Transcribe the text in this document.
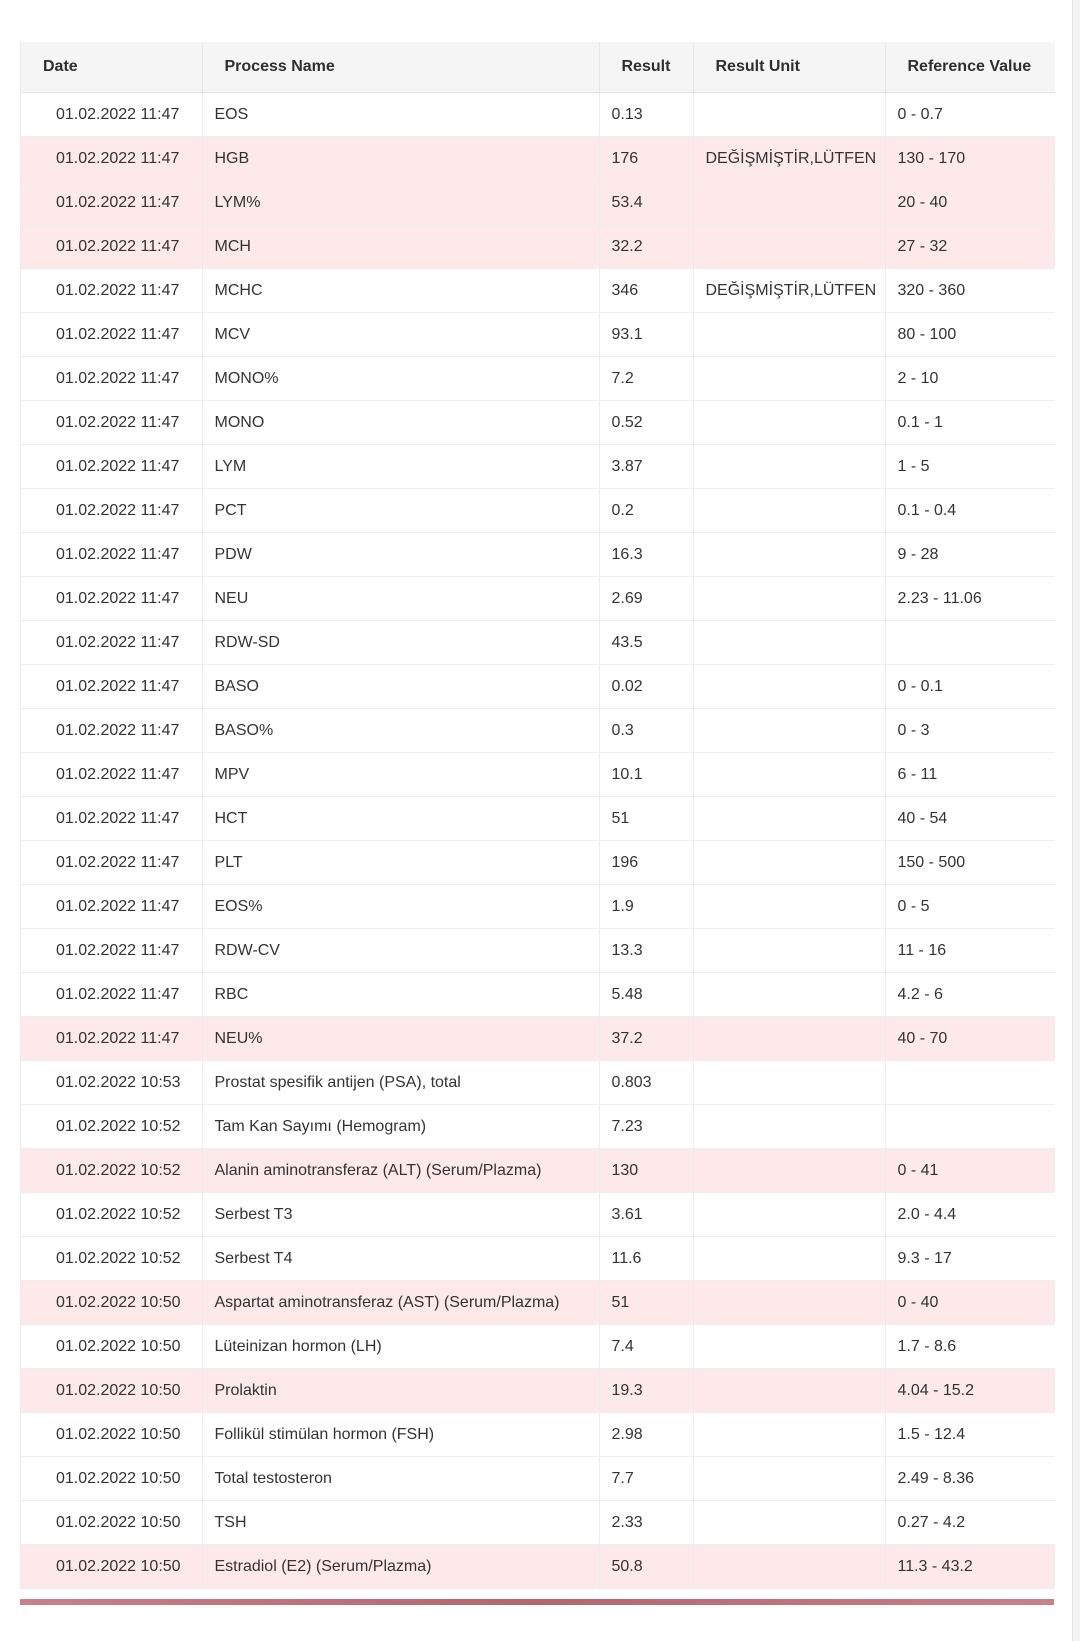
Date	Process Name	Result	Result Unit	Reference Value
01.02.2022 11:47	EOS	0.13		0 - 0.7
01.02.2022 11:47	HGB	176	DEĞİŞMİŞTİR,LÜTFEN	130 - 170
01.02.2022 11:47	LYM%	53.4		20 - 40
01.02.2022 11:47	MCH	32.2		27 - 32
01.02.2022 11:47	MCHC	346	DEĞİŞMİŞTİR,LÜTFEN	320 - 360
01.02.2022 11:47	MCV	93.1		80 - 100
01.02.2022 11:47	MONO%	7.2		2 - 10
01.02.2022 11:47	MONO	0.52		0.1 - 1
01.02.2022 11:47	LYM	3.87		1 - 5
01.02.2022 11:47	PCT	0.2		0.1 - 0.4
01.02.2022 11:47	PDW	16.3		9 - 28
01.02.2022 11:47	NEU	2.69		2.23 - 11.06
01.02.2022 11:47	RDW-SD	43.5		
01.02.2022 11:47	BASO	0.02		0 - 0.1
01.02.2022 11:47	BASO%	0.3		0 - 3
01.02.2022 11:47	MPV	10.1		6 - 11
01.02.2022 11:47	HCT	51		40 - 54
01.02.2022 11:47	PLT	196		150 - 500
01.02.2022 11:47	EOS%	1.9		0 - 5
01.02.2022 11:47	RDW-CV	13.3		11 - 16
01.02.2022 11:47	RBC	5.48		4.2 - 6
01.02.2022 11:47	NEU%	37.2		40 - 70
01.02.2022 10:53	Prostat spesifik antijen (PSA), total	0.803		
01.02.2022 10:52	Tam Kan Sayımı (Hemogram)	7.23		
01.02.2022 10:52	Alanin aminotransferaz (ALT) (Serum/Plazma)	130		0 - 41
01.02.2022 10:52	Serbest T3	3.61		2.0 - 4.4
01.02.2022 10:52	Serbest T4	11.6		9.3 - 17
01.02.2022 10:50	Aspartat aminotransferaz (AST) (Serum/Plazma)	51		0 - 40
01.02.2022 10:50	Lüteinizan hormon (LH)	7.4		1.7 - 8.6
01.02.2022 10:50	Prolaktin	19.3		4.04 - 15.2
01.02.2022 10:50	Follikül stimülan hormon (FSH)	2.98		1.5 - 12.4
01.02.2022 10:50	Total testosteron	7.7		2.49 - 8.36
01.02.2022 10:50	TSH	2.33		0.27 - 4.2
01.02.2022 10:50	Estradiol (E2) (Serum/Plazma)	50.8		11.3 - 43.2
